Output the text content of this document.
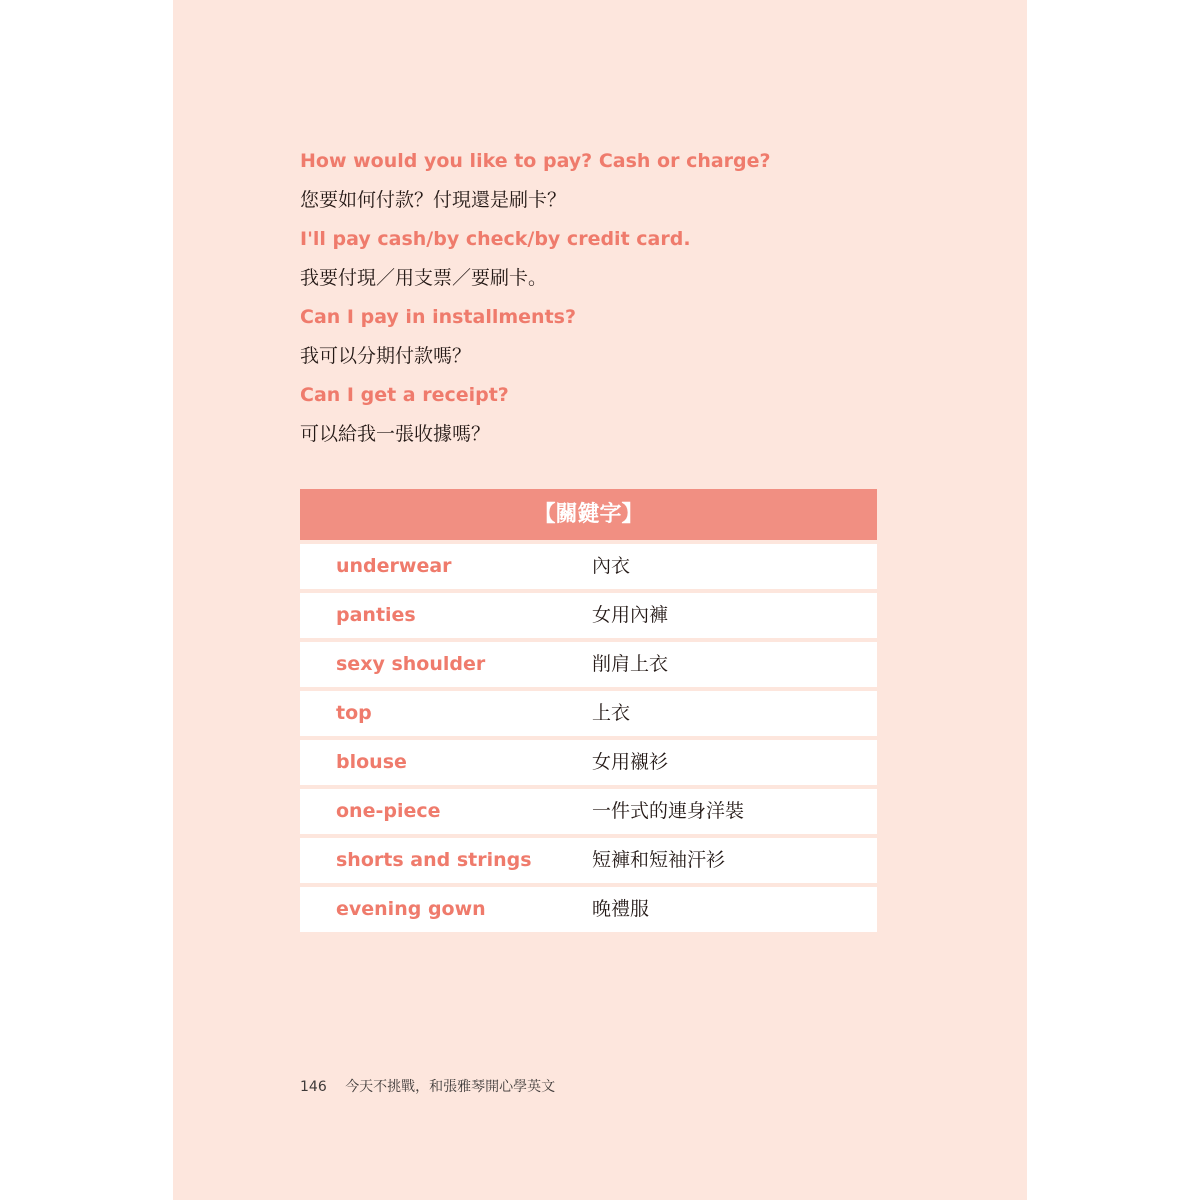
How would you like to pay? Cash or charge?
您要如何付款？付現還是刷卡？
I'll pay cash/by check/by credit card.
我要付現／用支票／要刷卡。
Can I pay in installments?
我可以分期付款嗎？
Can I get a receipt?
可以給我一張收據嗎？
【關鍵字】
underwear	內衣
panties	女用內褲
sexy shoulder	削肩上衣
top	上衣
blouse	女用襯衫
one-piece	一件式的連身洋裝
shorts and strings	短褲和短袖汗衫
evening gown	晚禮服
146 今天不挑戰，和張雅琴開心學英文
